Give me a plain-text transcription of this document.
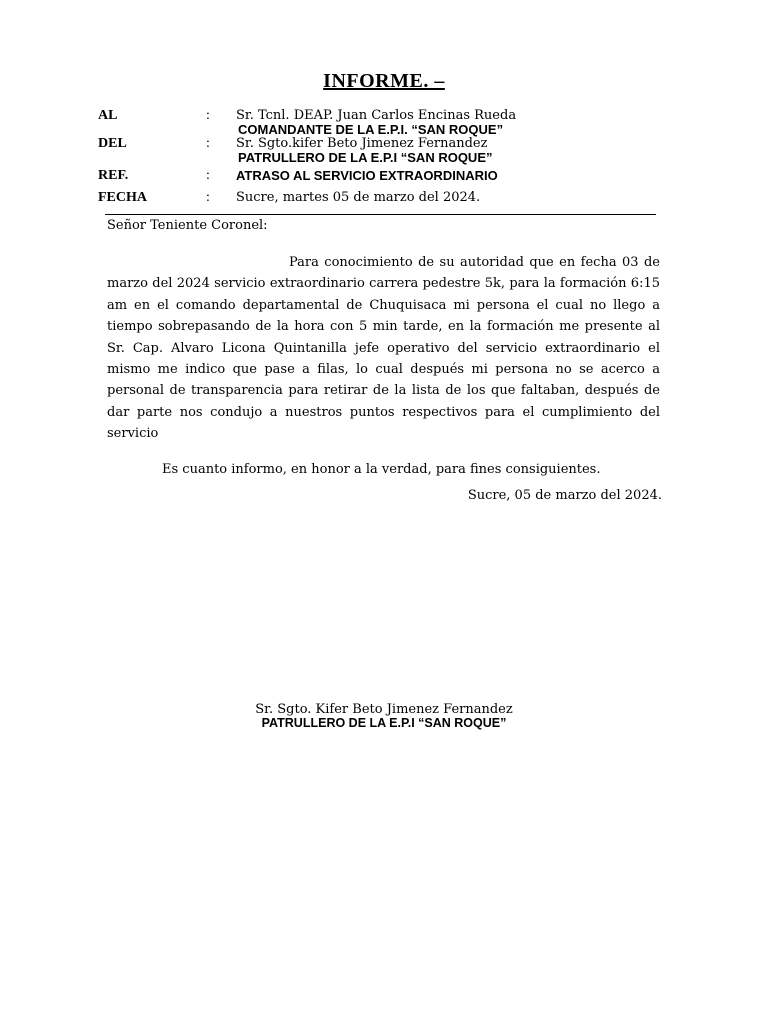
INFORME. –
AL	: Sr. Tcnl. DEAP. Juan Carlos Encinas Rueda
COMANDANTE DE LA E.P.I. “SAN ROQUE”
DEL	: Sr. Sgto.kifer Beto Jimenez Fernandez
PATRULLERO DE LA E.P.I “SAN ROQUE”
REF.	: ATRASO AL SERVICIO EXTRAORDINARIO
FECHA	: Sucre, martes 05 de marzo del 2024.
Señor Teniente Coronel:
Para conocimiento de su autoridad que en fecha 03 de marzo del 2024 servicio extraordinario carrera pedestre 5k, para la formación 6:15 am en el comando departamental de Chuquisaca mi persona el cual no llego a tiempo sobrepasando de la hora con 5 min tarde, en la formación me presente al Sr. Cap. Alvaro Licona Quintanilla jefe operativo del servicio extraordinario el mismo me indico que pase a filas, lo cual después mi persona no se acerco a personal de transparencia para retirar de la lista de los que faltaban, después de dar parte nos condujo a nuestros puntos respectivos para el cumplimiento del servicio
Es cuanto informo, en honor a la verdad, para fines consiguientes.
Sucre, 05 de marzo del 2024.
Sr. Sgto. Kifer Beto Jimenez Fernandez
PATRULLERO DE LA E.P.I “SAN ROQUE”
